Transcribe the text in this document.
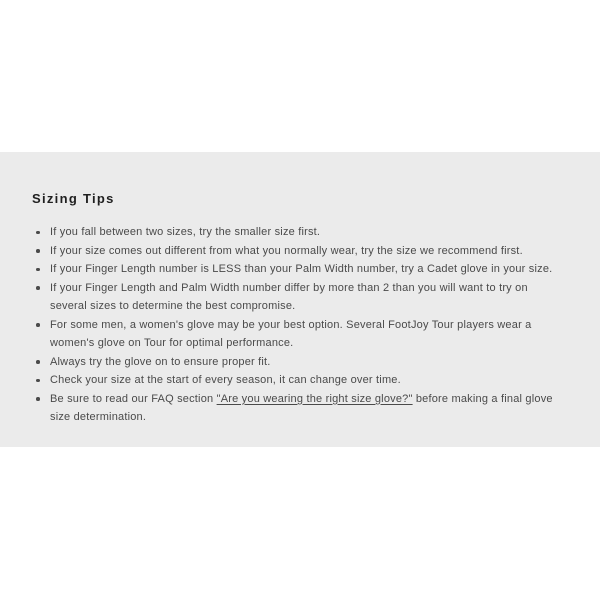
Sizing Tips
If you fall between two sizes, try the smaller size first.
If your size comes out different from what you normally wear, try the size we recommend first.
If your Finger Length number is LESS than your Palm Width number, try a Cadet glove in your size.
If your Finger Length and Palm Width number differ by more than 2 than you will want to try on several sizes to determine the best compromise.
For some men, a women's glove may be your best option. Several FootJoy Tour players wear a women's glove on Tour for optimal performance.
Always try the glove on to ensure proper fit.
Check your size at the start of every season, it can change over time.
Be sure to read our FAQ section "Are you wearing the right size glove?" before making a final glove size determination.
